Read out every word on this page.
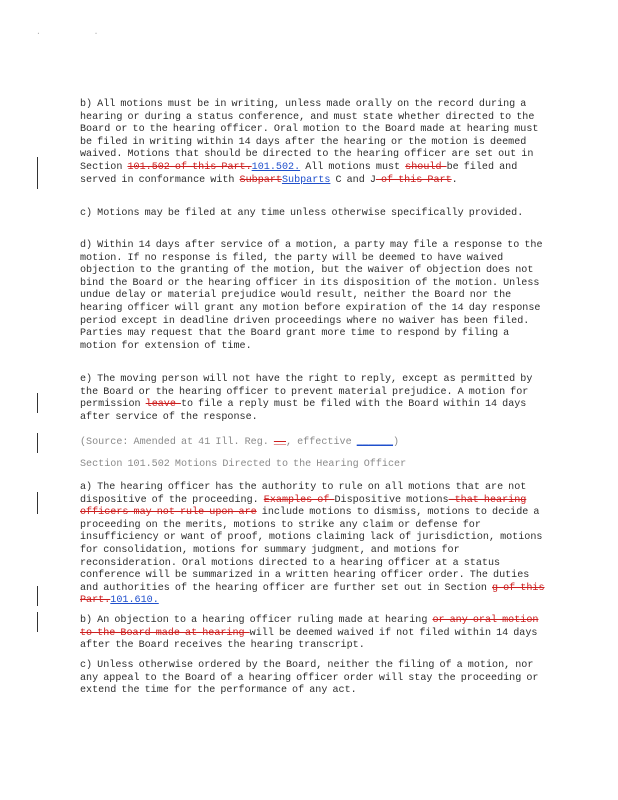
. .
b) All motions must be in writing, unless made orally on the record during a hearing or during a status conference, and must state whether directed to the Board or to the hearing officer. Oral motion to the Board made at hearing must be filed in writing within 14 days after the hearing or the motion is deemed waived. Motions that should be directed to the hearing officer are set out in Section 101.502 of this Part.101.502. All motions must should be filed and served in conformance with SubpartSubparts C and J of this Part.
c) Motions may be filed at any time unless otherwise specifically provided.
d) Within 14 days after service of a motion, a party may file a response to the motion. If no response is filed, the party will be deemed to have waived objection to the granting of the motion, but the waiver of objection does not bind the Board or the hearing officer in its disposition of the motion. Unless undue delay or material prejudice would result, neither the Board nor the hearing officer will grant any motion before expiration of the 14 day response period except in deadline driven proceedings where no waiver has been filed. Parties may request that the Board grant more time to respond by filing a motion for extension of time.
e) The moving person will not have the right to reply, except as permitted by the Board or the hearing officer to prevent material prejudice. A motion for permission leave to file a reply must be filed with the Board within 14 days after service of the response.
(Source: Amended at 41 Ill. Reg. __, effective ______)
Section 101.502 Motions Directed to the Hearing Officer
a) The hearing officer has the authority to rule on all motions that are not dispositive of the proceeding. Examples of Dispositive motions—that hearing officers may not rule upon are include motions to dismiss, motions to decide a proceeding on the merits, motions to strike any claim or defense for insufficiency or want of proof, motions claiming lack of jurisdiction, motions for consolidation, motions for summary judgment, and motions for reconsideration. Oral motions directed to a hearing officer at a status conference will be summarized in a written hearing officer order. The duties and authorities of the hearing officer are further set out in Section g of this Part.101.610.
b) An objection to a hearing officer ruling made at hearing or any oral motion to the Board made at hearing will be deemed waived if not filed within 14 days after the Board receives the hearing transcript.
c) Unless otherwise ordered by the Board, neither the filing of a motion, nor any appeal to the Board of a hearing officer order will stay the proceeding or extend the time for the performance of any act.
